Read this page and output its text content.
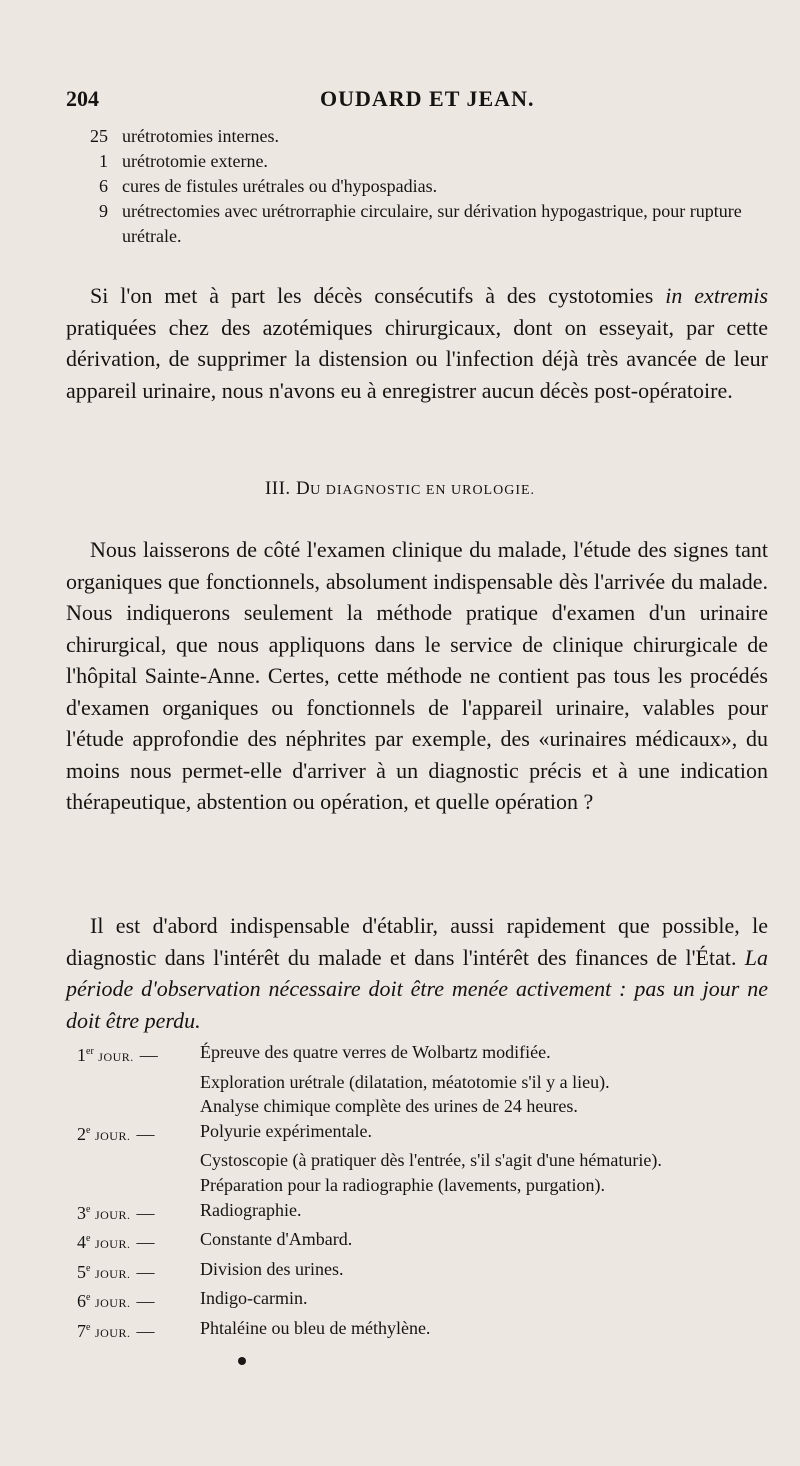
204	OUDARD ET JEAN.
25 urétrotomies internes.
1 urétrotomie externe.
6 cures de fistules urétrales ou d'hypospadias.
9 urétrectomies avec urétrorraphie circulaire, sur dérivation hypogastrique, pour rupture urétrale.

Si l'on met à part les décès consécutifs à des cystotomies in extremis pratiquées chez des azotémiques chirurgicaux, dont on esseyait, par cette dérivation, de supprimer la distension ou l'infection déjà très avancée de leur appareil urinaire, nous n'avons eu à enregistrer aucun décès post-opératoire.

III. DU DIAGNOSTIC EN UROLOGIE.

Nous laisserons de côté l'examen clinique du malade, l'étude des signes tant organiques que fonctionnels, absolument indispensable dès l'arrivée du malade. Nous indiquerons seulement la méthode pratique d'examen d'un urinaire chirurgical, que nous appliquons dans le service de clinique chirurgicale de l'hôpital Sainte-Anne. Certes, cette méthode ne contient pas tous les procédés d'examen organiques ou fonctionnels de l'appareil urinaire, valables pour l'étude approfondie des néphrites par exemple, des «urinaires médicaux», du moins nous permet-elle d'arriver à un diagnostic précis et à une indication thérapeutique, abstention ou opération, et quelle opération ?

Il est d'abord indispensable d'établir, aussi rapidement que possible, le diagnostic dans l'intérêt du malade et dans l'intérêt des finances de l'État. La période d'observation nécessaire doit être menée activement : pas un jour ne doit être perdu.

1er JOUR. —	Épreuve des quatre verres de Wolbartz modifiée.
Exploration urétrale (dilatation, méatotomie s'il y a lieu).
Analyse chimique complète des urines de 24 heures.
2e JOUR. —	Polyurie expérimentale.
Cystoscopie (à pratiquer dès l'entrée, s'il s'agit d'une hématurie).
Préparation pour la radiographie (lavements, purgation).
3e JOUR. —	Radiographie.
4e JOUR. —	Constante d'Ambard.
5e JOUR. —	Division des urines.
6e JOUR. —	Indigo-carmin.
7e JOUR. —	Phtaléine ou bleu de méthylène.
